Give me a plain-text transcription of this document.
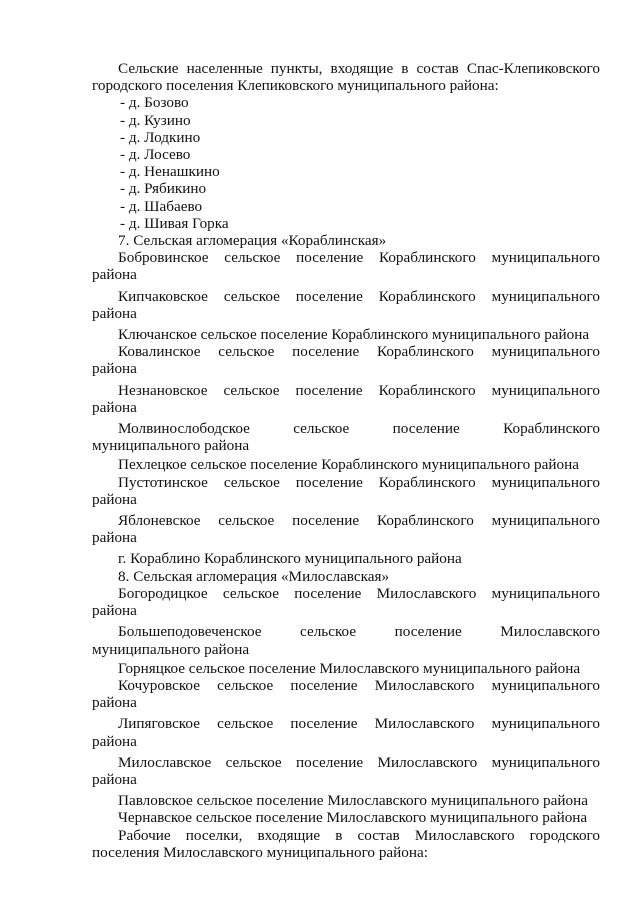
Сельские населенные пункты, входящие в состав Спас-Клепиковского

городского поселения Клепиковского муниципального района:

- д. Бозово

- д. Кузино

- д. Лодкино

- д. Лосево

- д. Ненашкино

- д. Рябикино

- д. Шабаево

- д. Шивая Горка

7. Сельская агломерация «Кораблинская»

Бобровинское сельское поселение Кораблинского муниципального

района

Кипчаковское сельское поселение Кораблинского муниципального

района

Ключанское сельское поселение Кораблинского муниципального района

Ковалинское сельское поселение Кораблинского муниципального

района

Незнановское сельское поселение Кораблинского муниципального

района

Молвинослободское сельское поселение Кораблинского

муниципального района

Пехлецкое сельское поселение Кораблинского муниципального района

Пустотинское сельское поселение Кораблинского муниципального

района

Яблоневское сельское поселение Кораблинского муниципального

района

г. Кораблино Кораблинского муниципального района

8. Сельская агломерация «Милославская»

Богородицкое сельское поселение Милославского муниципального

района

Большеподовеченское сельское поселение Милославского

муниципального района

Горняцкое сельское поселение Милославского муниципального района

Кочуровское сельское поселение Милославского муниципального

района

Липяговское сельское поселение Милославского муниципального

района

Милославское сельское поселение Милославского муниципального

района

Павловское сельское поселение Милославского муниципального района

Чернавское сельское поселение Милославского муниципального района

Рабочие поселки, входящие в состав Милославского городского

поселения Милославского муниципального района:
